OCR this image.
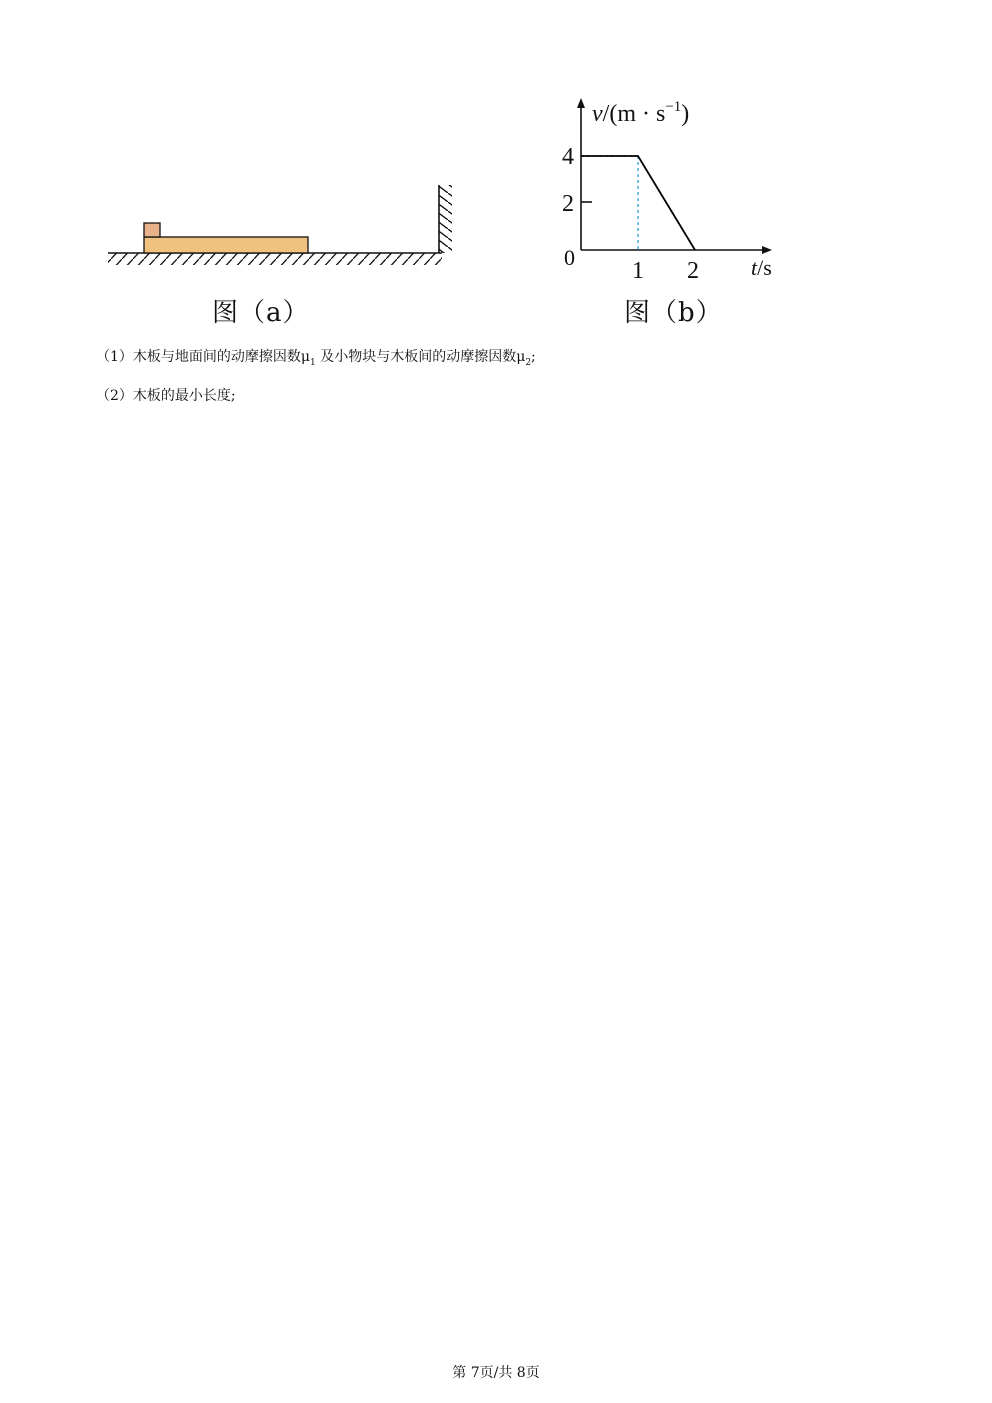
图（a）
0
4
2
1 2
$v/(m \cdot s^{-1})$
t/s
图（b）
（1）木板与地面间的动摩擦因数$\mu_1$ 及小物块与木板间的动摩擦因数$\mu_2$;
（2）木板的最小长度;
第 7页/共 8页
